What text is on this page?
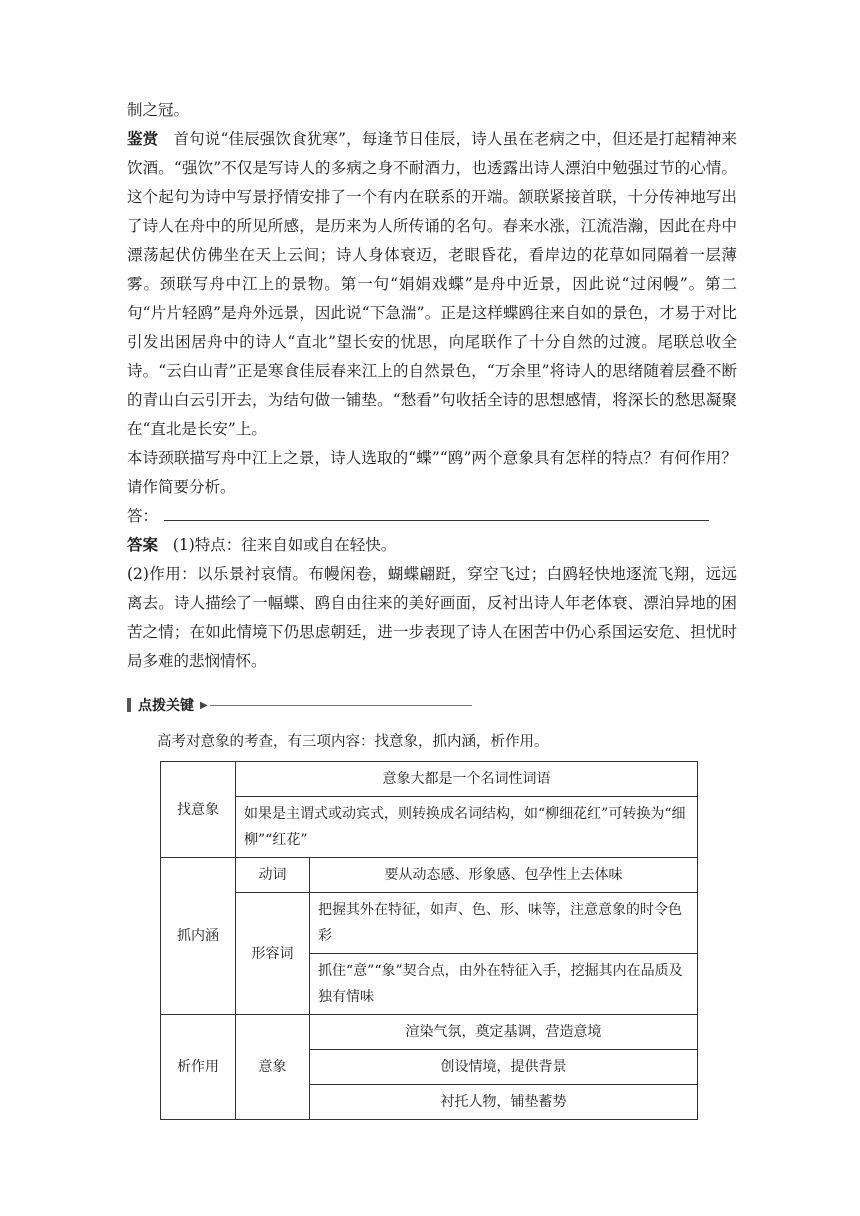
制之冠。

鉴赏 首句说“佳辰强饮食犹寒”，每逢节日佳辰，诗人虽在老病之中，但还是打起精神来饮酒。“强饮”不仅是写诗人的多病之身不耐酒力，也透露出诗人漂泊中勉强过节的心情。这个起句为诗中写景抒情安排了一个有内在联系的开端。颔联紧接首联，十分传神地写出了诗人在舟中的所见所感，是历来为人所传诵的名句。春来水涨，江流浩瀚，因此在舟中漂荡起伏仿佛坐在天上云间；诗人身体衰迈，老眼昏花，看岸边的花草如同隔着一层薄雾。颈联写舟中江上的景物。第一句“娟娟戏蝶”是舟中近景，因此说“过闲幔”。第二句“片片轻鸥”是舟外远景，因此说“下急湍”。正是这样蝶鸥往来自如的景色，才易于对比引发出困居舟中的诗人“直北”望长安的忧思，向尾联作了十分自然的过渡。尾联总收全诗。“云白山青”正是寒食佳辰春来江上的自然景色，“万余里”将诗人的思绪随着层叠不断的青山白云引开去，为结句做一铺垫。“愁看”句收括全诗的思想感情，将深长的愁思凝聚在“直北是长安”上。

本诗颈联描写舟中江上之景，诗人选取的“蝶”“鸥”两个意象具有怎样的特点？有何作用？请作简要分析。

答：

答案 (1)特点：往来自如或自在轻快。

(2)作用：以乐景衬哀情。布幔闲卷，蝴蝶翩跹，穿空飞过；白鸥轻快地逐流飞翔，远远离去。诗人描绘了一幅蝶、鸥自由往来的美好画面，反衬出诗人年老体衰、漂泊异地的困苦之情；在如此情境下仍思虑朝廷，进一步表现了诗人在困苦中仍心系国运安危、担忧时局多难的悲悯情怀。

点拨关键 ▶

高考对意象的考查，有三项内容：找意象，抓内涵，析作用。

找意象	意象大都是一个名词性词语	
	如果是主谓式或动宾式，则转换成名词结构，如“柳细花红”可转换为“细柳”“红花”	
抓内涵	动词	要从动态感、形象感、包孕性上去体味
	形容词	把握其外在特征，如声、色、形、味等，注意意象的时令色彩
		抓住“意”“象”契合点，由外在特征入手，挖掘其内在品质及独有情味
析作用	意象	渲染气氛，奠定基调，营造意境
		创设情境，提供背景
		衬托人物，铺垫蓄势
